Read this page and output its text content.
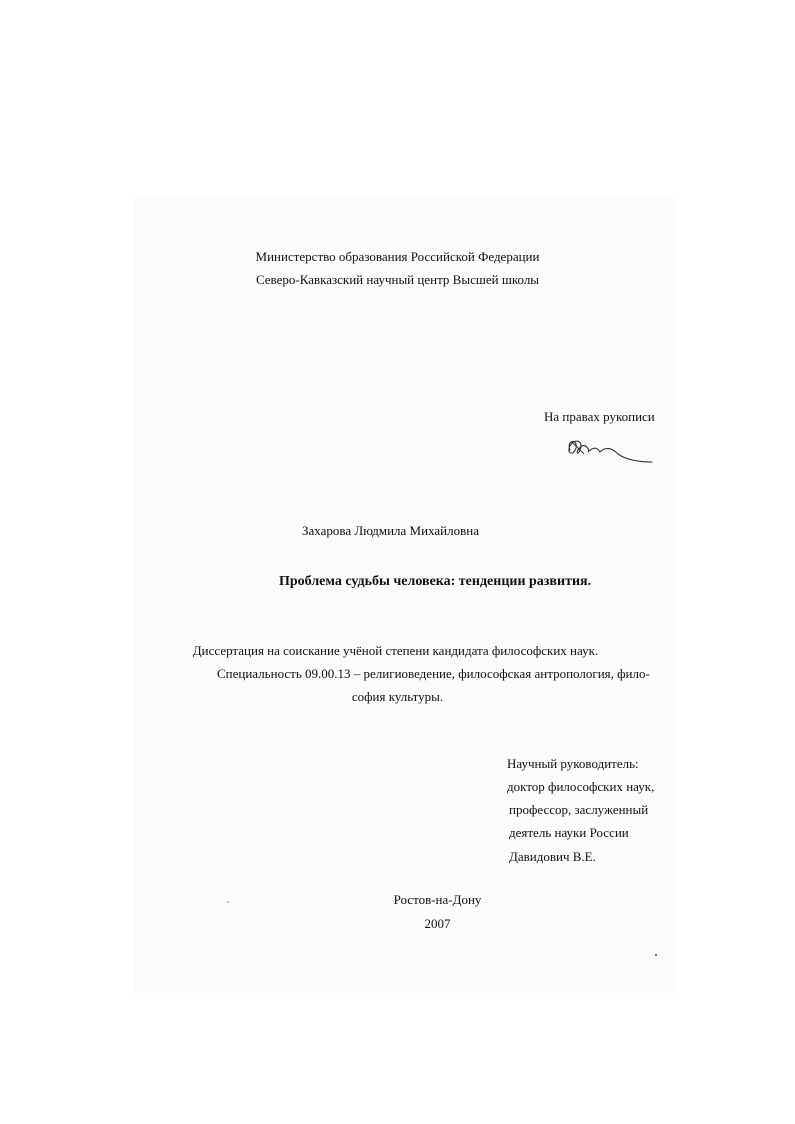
Министерство образования Российской Федерации
Северо-Кавказский научный центр Высшей школы
На правах рукописи
Захарова Людмила Михайловна
Проблема судьбы человека: тенденции развития.
Диссертация на соискание учёной степени кандидата философских наук.
Специальность 09.00.13 – религиоведение, философская антропология, фило-
софия культуры.
Научный руководитель:
доктор философских наук,
профессор, заслуженный
деятель науки России
Давидович В.Е.
Ростов-на-Дону
2007
